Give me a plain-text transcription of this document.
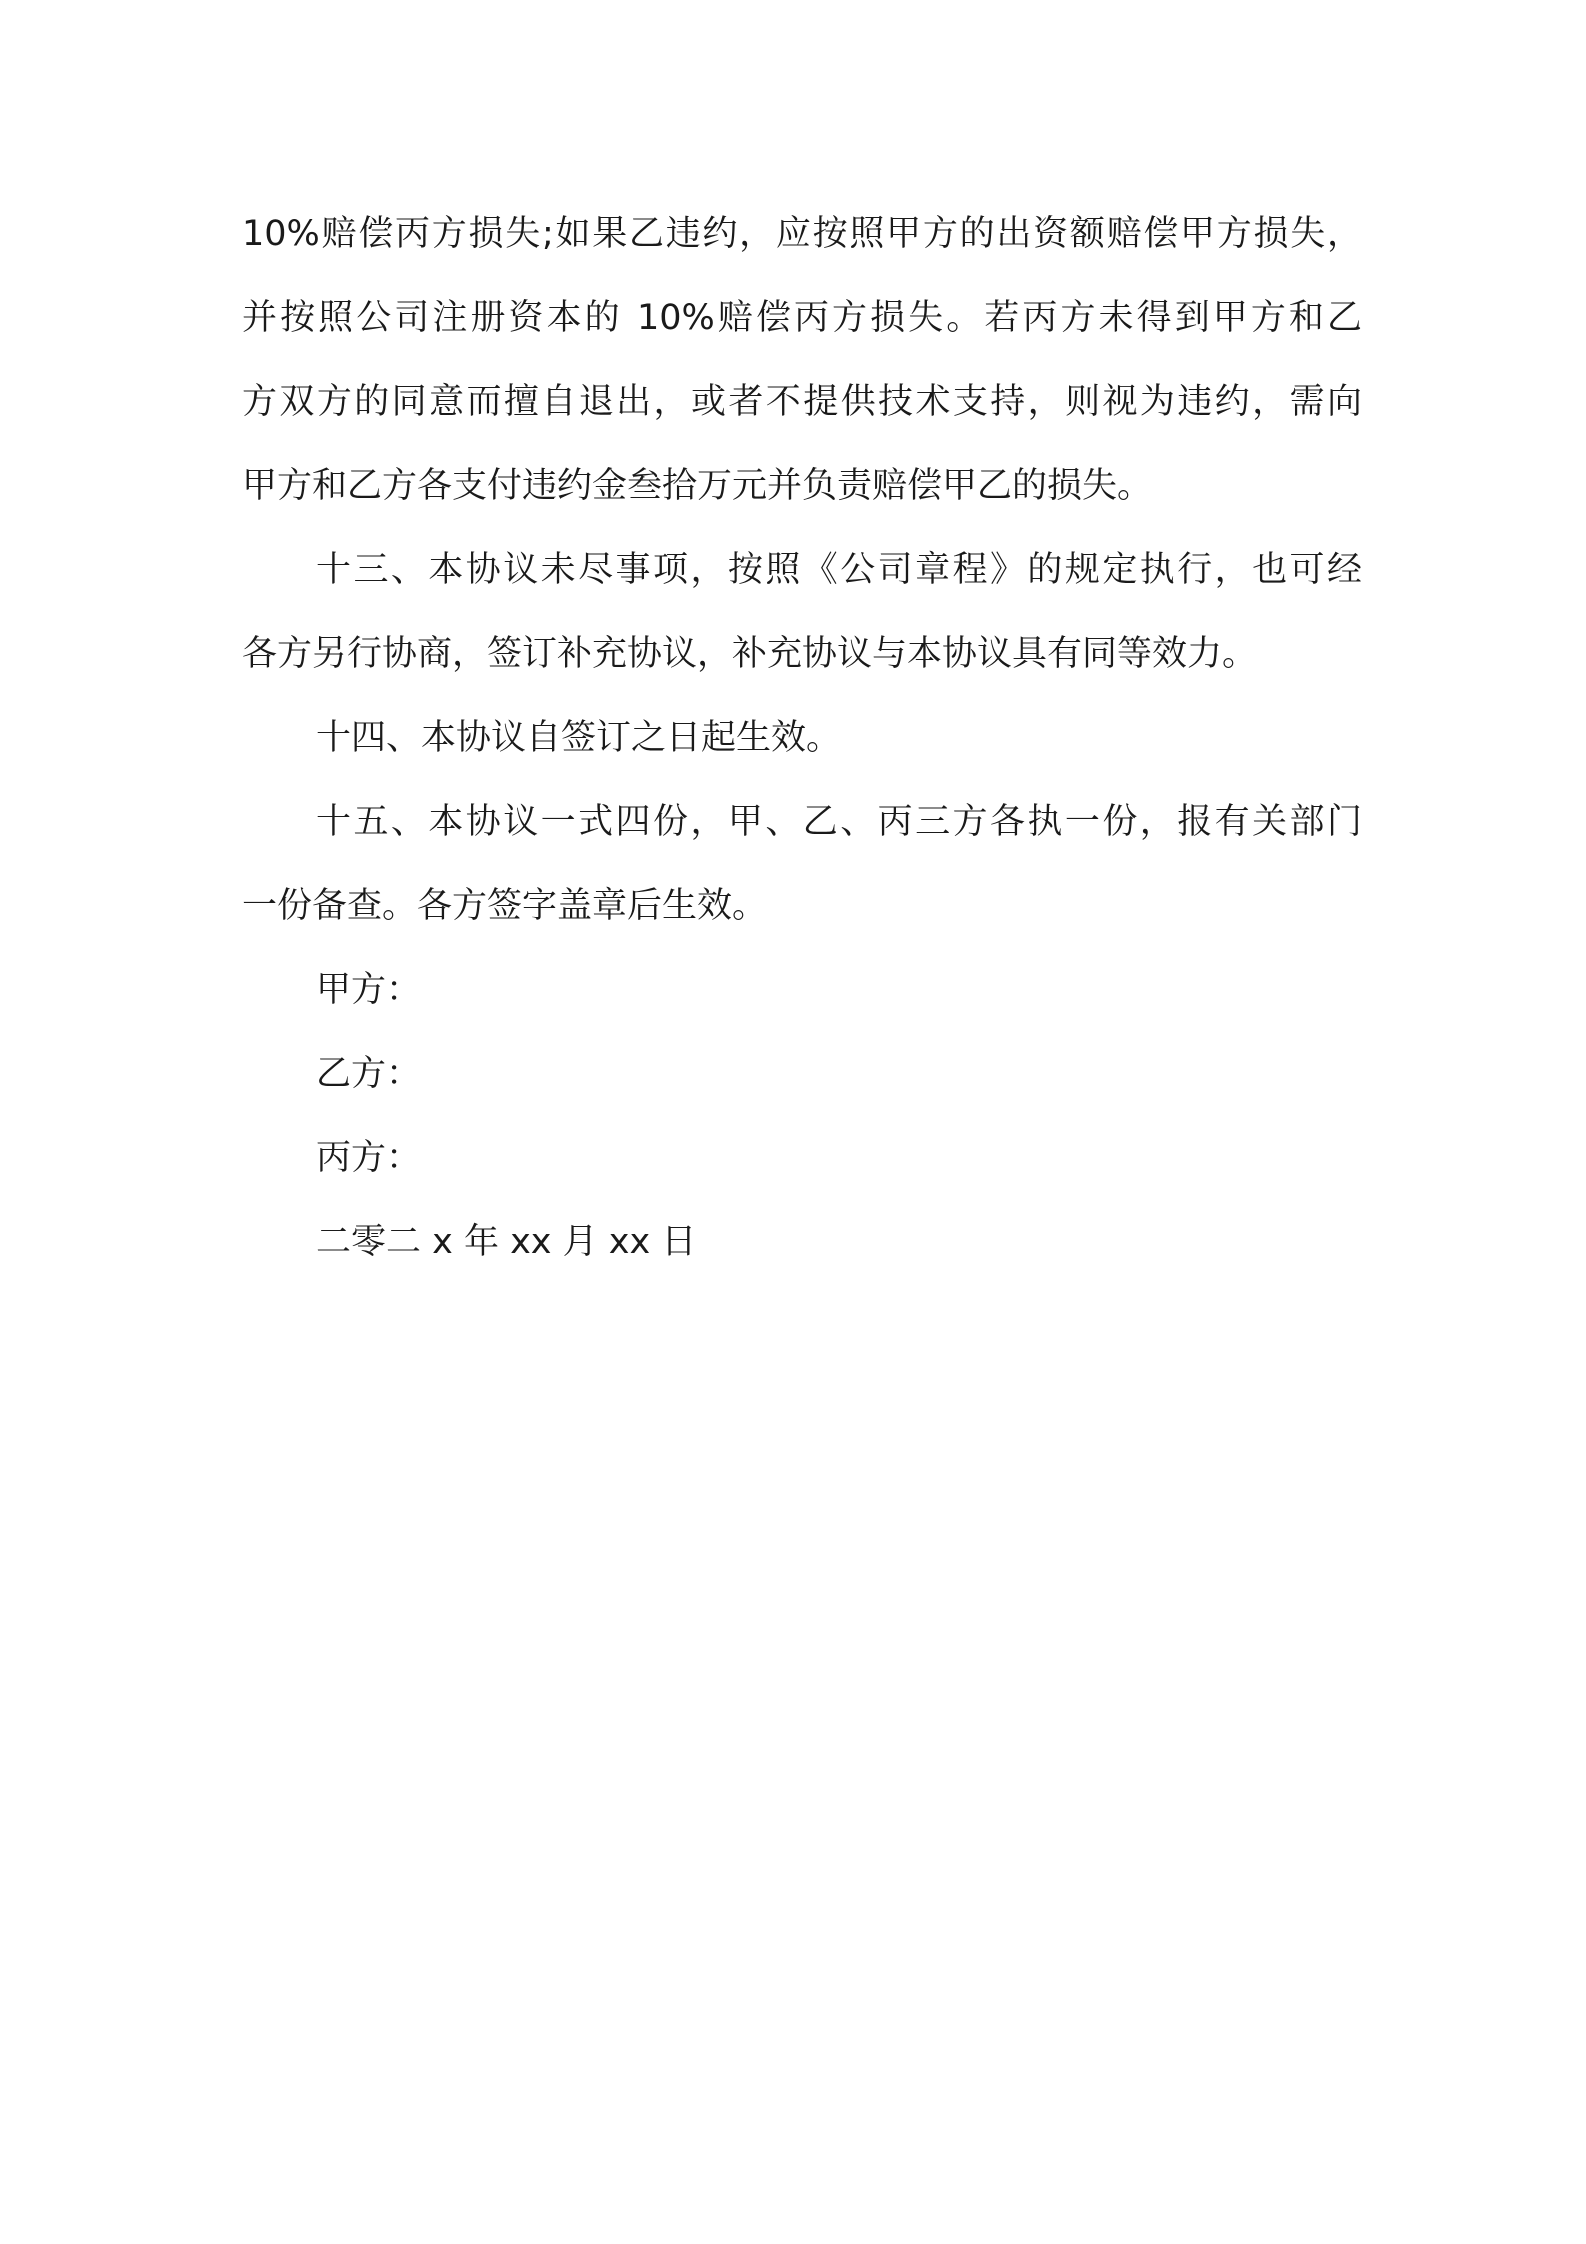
10%赔偿丙方损失;如果乙违约，应按照甲方的出资额赔偿甲方损失，
并按照公司注册资本的 10%赔偿丙方损失。若丙方未得到甲方和乙
方双方的同意而擅自退出，或者不提供技术支持，则视为违约，需向
甲方和乙方各支付违约金叁拾万元并负责赔偿甲乙的损失。
十三、本协议未尽事项，按照《公司章程》的规定执行，也可经
各方另行协商，签订补充协议，补充协议与本协议具有同等效力。
十四、本协议自签订之日起生效。
十五、本协议一式四份，甲、乙、丙三方各执一份，报有关部门
一份备查。各方签字盖章后生效。
甲方：
乙方：
丙方：
二零二 x 年 xx 月 xx 日
